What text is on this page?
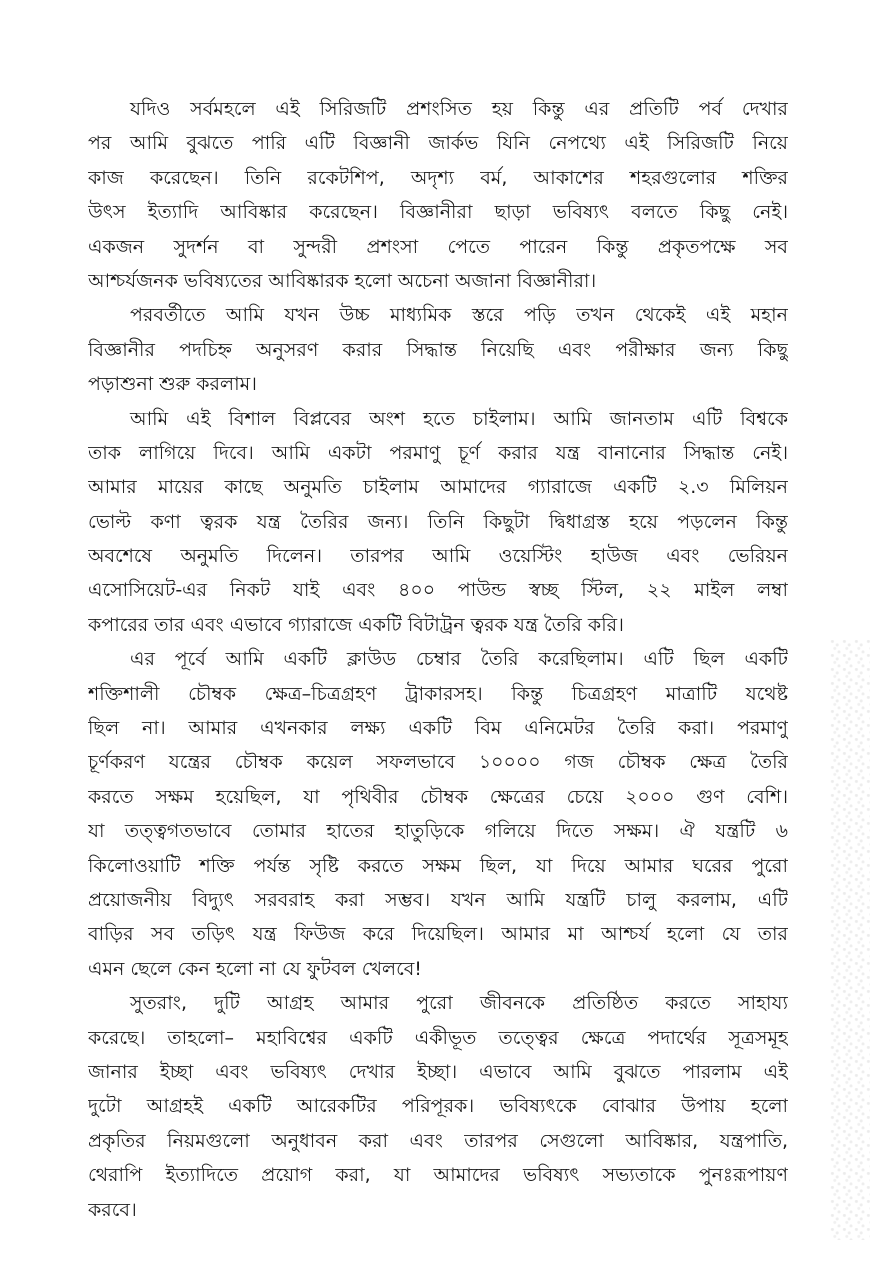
যদিও সর্বমহলে এই সিরিজটি প্রশংসিত হয় কিন্তু এর প্রতিটি পর্ব দেখার
পর আমি বুঝতে পারি এটি বিজ্ঞানী জার্কভ যিনি নেপথ্যে এই সিরিজটি নিয়ে
কাজ করেছেন। তিনি রকেটশিপ, অদৃশ্য বর্ম, আকাশের শহরগুলোর শক্তির
উৎস ইত্যাদি আবিষ্কার করেছেন। বিজ্ঞানীরা ছাড়া ভবিষ্যৎ বলতে কিছু নেই।
একজন সুদর্শন বা সুন্দরী প্রশংসা পেতে পারেন কিন্তু প্রকৃতপক্ষে সব
আশ্চর্যজনক ভবিষ্যতের আবিষ্কারক হলো অচেনা অজানা বিজ্ঞানীরা।
পরবর্তীতে আমি যখন উচ্চ মাধ্যমিক স্তরে পড়ি তখন থেকেই এই মহান
বিজ্ঞানীর পদচিহ্ন অনুসরণ করার সিদ্ধান্ত নিয়েছি এবং পরীক্ষার জন্য কিছু
পড়াশুনা শুরু করলাম।
আমি এই বিশাল বিপ্লবের অংশ হতে চাইলাম। আমি জানতাম এটি বিশ্বকে
তাক লাগিয়ে দিবে। আমি একটা পরমাণু চূর্ণ করার যন্ত্র বানানোর সিদ্ধান্ত নেই।
আমার মায়ের কাছে অনুমতি চাইলাম আমাদের গ্যারাজে একটি ২.৩ মিলিয়ন
ভোল্ট কণা ত্বরক যন্ত্র তৈরির জন্য। তিনি কিছুটা দ্বিধাগ্রস্ত হয়ে পড়লেন কিন্তু
অবশেষে অনুমতি দিলেন। তারপর আমি ওয়েস্টিং হাউজ এবং ভেরিয়ন
এসোসিয়েট-এর নিকট যাই এবং ৪০০ পাউন্ড স্বচ্ছ স্টিল, ২২ মাইল লম্বা
কপারের তার এবং এভাবে গ্যারাজে একটি বিটাট্রন ত্বরক যন্ত্র তৈরি করি।
এর পূর্বে আমি একটি ক্লাউড চেম্বার তৈরি করেছিলাম। এটি ছিল একটি
শক্তিশালী চৌম্বক ক্ষেত্র–চিত্রগ্রহণ ট্রাকারসহ। কিন্তু চিত্রগ্রহণ মাত্রাটি যথেষ্ট
ছিল না। আমার এখনকার লক্ষ্য একটি বিম এনিমেটর তৈরি করা। পরমাণু
চূর্ণকরণ যন্ত্রের চৌম্বক কয়েল সফলভাবে ১০০০০ গজ চৌম্বক ক্ষেত্র তৈরি
করতে সক্ষম হয়েছিল, যা পৃথিবীর চৌম্বক ক্ষেত্রের চেয়ে ২০০০ গুণ বেশি।
যা তত্ত্বগতভাবে তোমার হাতের হাতুড়িকে গলিয়ে দিতে সক্ষম। ঐ যন্ত্রটি ৬
কিলোওয়াটি শক্তি পর্যন্ত সৃষ্টি করতে সক্ষম ছিল, যা দিয়ে আমার ঘরের পুরো
প্রয়োজনীয় বিদ্যুৎ সরবরাহ করা সম্ভব। যখন আমি যন্ত্রটি চালু করলাম, এটি
বাড়ির সব তড়িৎ যন্ত্র ফিউজ করে দিয়েছিল। আমার মা আশ্চর্য হলো যে তার
এমন ছেলে কেন হলো না যে ফুটবল খেলবে!
সুতরাং, দুটি আগ্রহ আমার পুরো জীবনকে প্রতিষ্ঠিত করতে সাহায্য
করেছে। তাহলো– মহাবিশ্বের একটি একীভূত তত্ত্বের ক্ষেত্রে পদার্থের সূত্রসমূহ
জানার ইচ্ছা এবং ভবিষ্যৎ দেখার ইচ্ছা। এভাবে আমি বুঝতে পারলাম এই
দুটো আগ্রহই একটি আরেকটির পরিপূরক। ভবিষ্যৎকে বোঝার উপায় হলো
প্রকৃতির নিয়মগুলো অনুধাবন করা এবং তারপর সেগুলো আবিষ্কার, যন্ত্রপাতি,
থেরাপি ইত্যাদিতে প্রয়োগ করা, যা আমাদের ভবিষ্যৎ সভ্যতাকে পুনঃরূপায়ণ
করবে।
